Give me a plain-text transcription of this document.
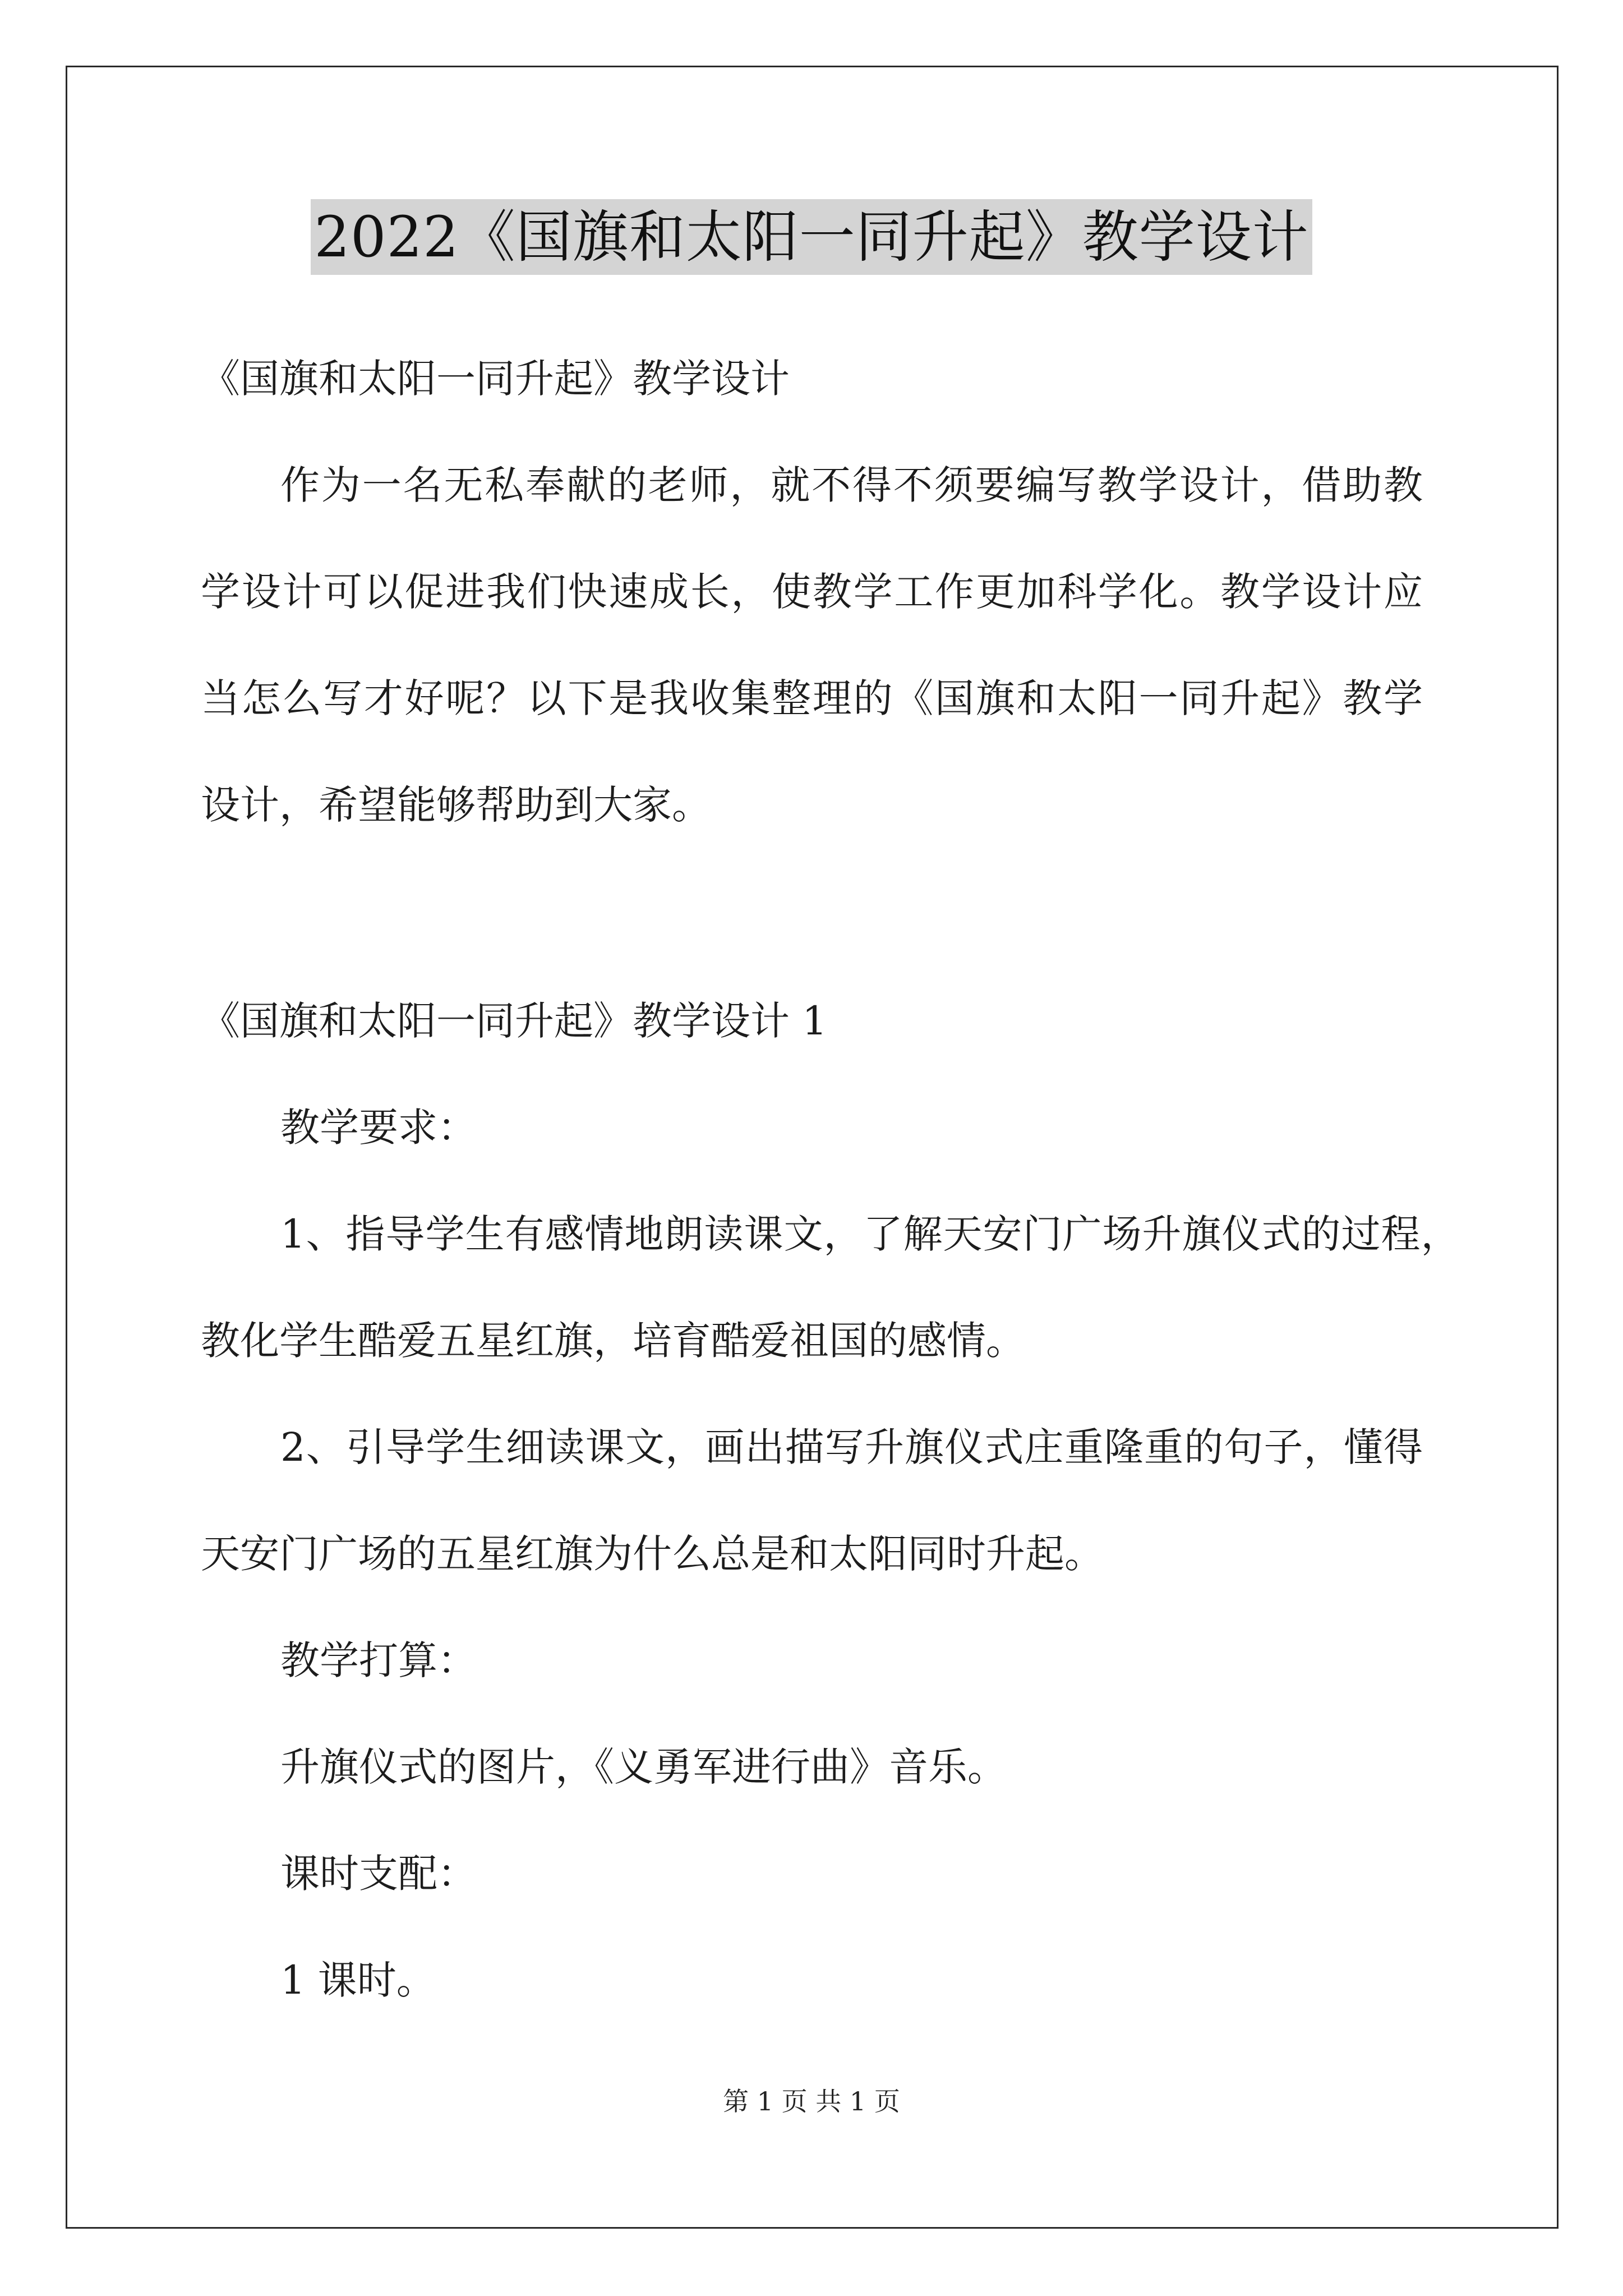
2022《国旗和太阳一同升起》教学设计
《国旗和太阳一同升起》教学设计
作为一名无私奉献的老师，就不得不须要编写教学设计，借助教
学设计可以促进我们快速成长，使教学工作更加科学化。教学设计应
当怎么写才好呢？以下是我收集整理的《国旗和太阳一同升起》教学
设计，希望能够帮助到大家。
《国旗和太阳一同升起》教学设计 1
教学要求：
1、指导学生有感情地朗读课文，了解天安门广场升旗仪式的过程，
教化学生酷爱五星红旗，培育酷爱祖国的感情。
2、引导学生细读课文，画出描写升旗仪式庄重隆重的句子，懂得
天安门广场的五星红旗为什么总是和太阳同时升起。
教学打算：
升旗仪式的图片，《义勇军进行曲》音乐。
课时支配：
1 课时。
第 1 页 共 1 页
